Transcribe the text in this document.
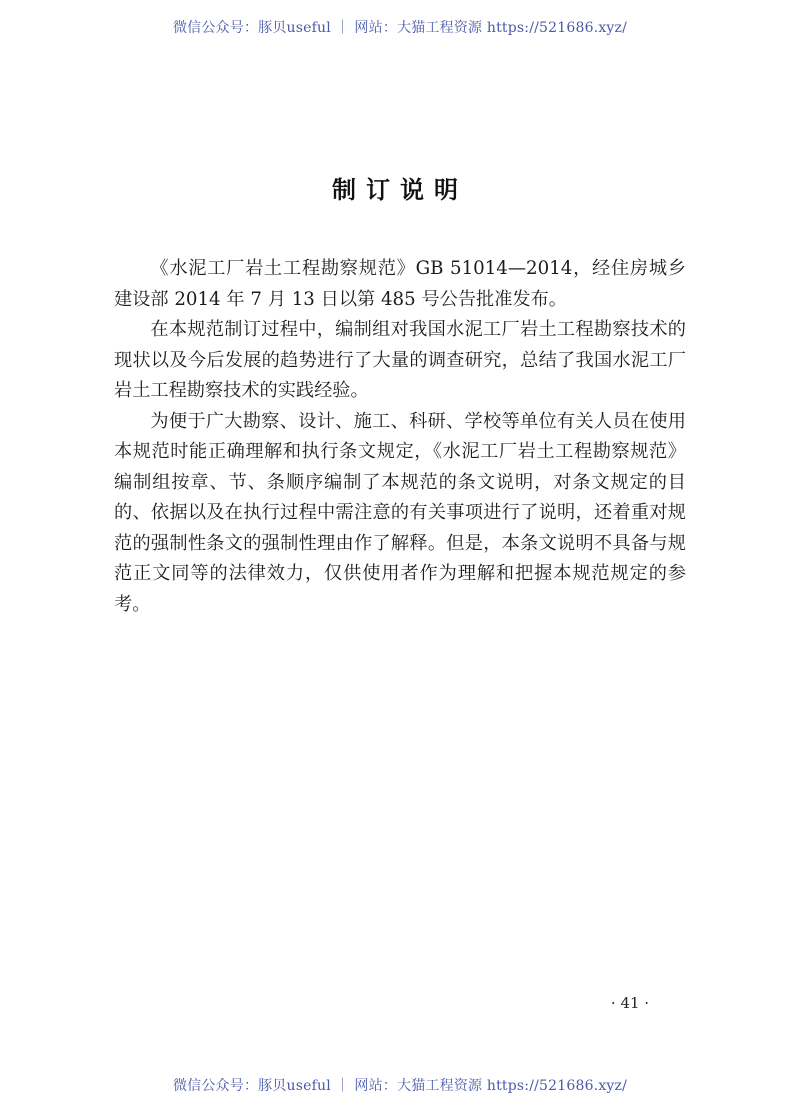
微信公众号：豚贝useful ｜ 网站：大猫工程资源 https://521686.xyz/
制订说明

《水泥工厂岩土工程勘察规范》GB 51014—2014，经住房城乡建设部 2014 年 7 月 13 日以第 485 号公告批准发布。

在本规范制订过程中，编制组对我国水泥工厂岩土工程勘察技术的现状以及今后发展的趋势进行了大量的调查研究，总结了我国水泥工厂岩土工程勘察技术的实践经验。

为便于广大勘察、设计、施工、科研、学校等单位有关人员在使用本规范时能正确理解和执行条文规定，《水泥工厂岩土工程勘察规范》编制组按章、节、条顺序编制了本规范的条文说明，对条文规定的目的、依据以及在执行过程中需注意的有关事项进行了说明，还着重对规范的强制性条文的强制性理由作了解释。但是，本条文说明不具备与规范正文同等的法律效力，仅供使用者作为理解和把握本规范规定的参考。

· 41 ·
微信公众号：豚贝useful ｜ 网站：大猫工程资源 https://521686.xyz/
